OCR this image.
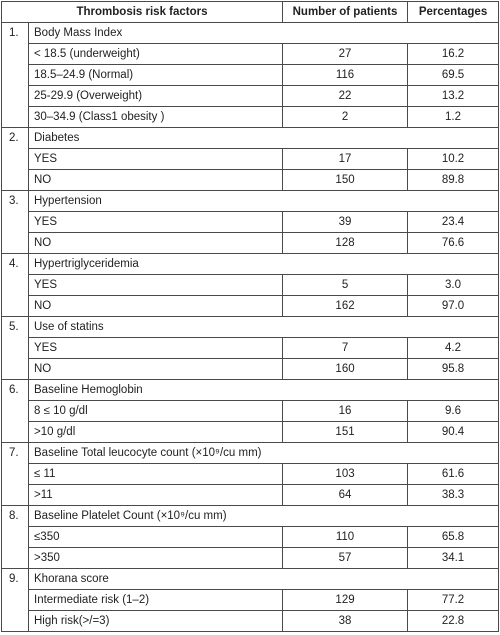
Thrombosis risk factors		Number of patients	Percentages
1.	Body Mass Index		
	< 18.5 (underweight)	27	16.2
	18.5–24.9 (Normal)	116	69.5
	25-29.9 (Overweight)	22	13.2
	30–34.9 (Class1 obesity )	2	1.2
2.	Diabetes		
	YES	17	10.2
	NO	150	89.8
3.	Hypertension		
	YES	39	23.4
	NO	128	76.6
4.	Hypertriglyceridemia		
	YES	5	3.0
	NO	162	97.0
5.	Use of statins		
	YES	7	4.2
	NO	160	95.8
6.	Baseline Hemoglobin		
	8 ≤ 10 g/dl	16	9.6
	>10 g/dl	151	90.4
7.	Baseline Total leucocyte count (×10⁹/cu mm)		
	≤ 11	103	61.6
	>11	64	38.3
8.	Baseline Platelet Count (×10⁹/cu mm)		
	≤350	110	65.8
	>350	57	34.1
9.	Khorana score		
	Intermediate risk (1–2)	129	77.2
	High risk(>/=3)	38	22.8
